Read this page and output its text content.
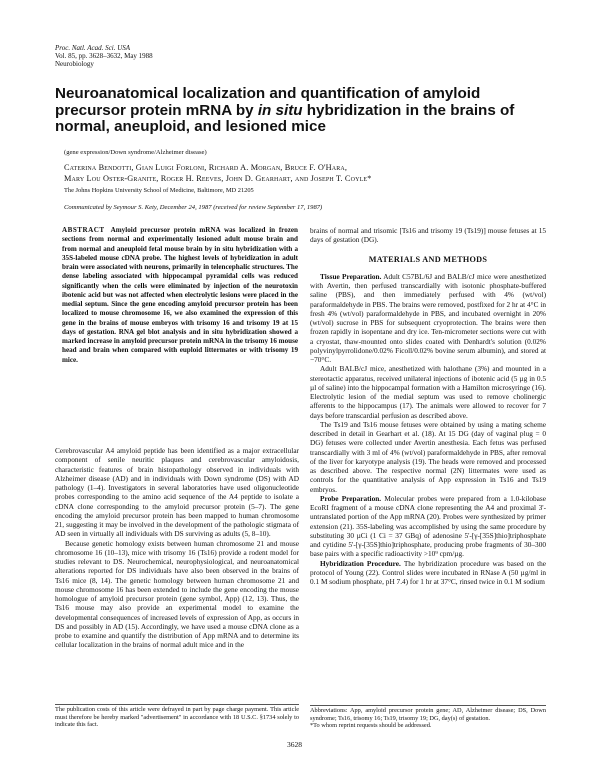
Proc. Natl. Acad. Sci. USA
Vol. 85, pp. 3628–3632, May 1988
Neurobiology
Neuroanatomical localization and quantification of amyloid precursor protein mRNA by in situ hybridization in the brains of normal, aneuploid, and lesioned mice
(gene expression/Down syndrome/Alzheimer disease)
Caterina Bendotti, Gian Luigi Forloni, Richard A. Morgan, Bruce F. O'Hara,
Mary Lou Oster-Granite, Roger H. Reeves, John D. Gearhart, and Joseph T. Coyle*
The Johns Hopkins University School of Medicine, Baltimore, MD 21205
Communicated by Seymour S. Kety, December 24, 1987 (received for review September 17, 1987)

ABSTRACT Amyloid precursor protein mRNA was localized in frozen sections from normal and experimentally lesioned adult mouse brain and from normal and aneuploid fetal mouse brain by in situ hybridization with a 35S-labeled mouse cDNA probe. The highest levels of hybridization in adult brain were associated with neurons, primarily in telencephalic structures. The dense labeling associated with hippocampal pyramidal cells was reduced significantly when the cells were eliminated by injection of the neurotoxin ibotenic acid but was not affected when electrolytic lesions were placed in the medial septum. Since the gene encoding amyloid precursor protein has been localized to mouse chromosome 16, we also examined the expression of this gene in the brains of mouse embryos with trisomy 16 and trisomy 19 at 15 days of gestation. RNA gel blot analysis and in situ hybridization showed a marked increase in amyloid precursor protein mRNA in the trisomy 16 mouse head and brain when compared with euploid littermates or with trisomy 19 mice.

Cerebrovascular A4 amyloid peptide has been identified as a major extracellular component of senile neuritic plaques and cerebrovascular amyloidosis, characteristic features of brain histopathology observed in individuals with Alzheimer disease (AD) and in individuals with Down syndrome (DS) with AD pathology (1–4). Investigators in several laboratories have used oligonucleotide probes corresponding to the amino acid sequence of the A4 peptide to isolate a cDNA clone corresponding to the amyloid precursor protein (5–7). The gene encoding the amyloid precursor protein has been mapped to human chromosome 21, suggesting it may be involved in the development of the pathologic stigmata of AD seen in virtually all individuals with DS surviving as adults (5, 8–10).

Because genetic homology exists between human chromosome 21 and mouse chromosome 16 (10–13), mice with trisomy 16 (Ts16) provide a rodent model for studies relevant to DS. Neurochemical, neurophysiological, and neuroanatomical alterations reported for DS individuals have also been observed in the brains of Ts16 mice (8, 14). The genetic homology between human chromosome 21 and mouse chromosome 16 has been extended to include the gene encoding the mouse homologue of amyloid precursor protein (gene symbol, App) (12, 13). Thus, the Ts16 mouse may also provide an experimental model to examine the developmental consequences of increased levels of expression of App, as occurs in DS and possibly in AD (15). Accordingly, we have used a mouse cDNA clone as a probe to examine and quantify the distribution of App mRNA and to determine its cellular localization in the brains of normal adult mice and in the

The publication costs of this article were defrayed in part by page charge payment. This article must therefore be hereby marked "advertisement" in accordance with 18 U.S.C. §1734 solely to indicate this fact.

brains of normal and trisomic [Ts16 and trisomy 19 (Ts19)] mouse fetuses at 15 days of gestation (DG).

MATERIALS AND METHODS

Tissue Preparation. Adult C57BL/6J and BALB/cJ mice were anesthetized with Avertin, then perfused transcardially with isotonic phosphate-buffered saline (PBS), and then immediately perfused with 4% (wt/vol) paraformaldehyde in PBS. The brains were removed, postfixed for 2 hr at 4°C in fresh 4% (wt/vol) paraformaldehyde in PBS, and incubated overnight in 20% (wt/vol) sucrose in PBS for subsequent cryoprotection. The brains were then frozen rapidly in isopentane and dry ice. Ten-micrometer sections were cut with a cryostat, thaw-mounted onto slides coated with Denhardt's solution (0.02% polyvinylpyrrolidone/0.02% Ficoll/0.02% bovine serum albumin), and stored at −70°C.

Adult BALB/cJ mice, anesthetized with halothane (3%) and mounted in a stereotactic apparatus, received unilateral injections of ibotenic acid (5 µg in 0.5 µl of saline) into the hippocampal formation with a Hamilton microsyringe (16). Electrolytic lesion of the medial septum was used to remove cholinergic afferents to the hippocampus (17). The animals were allowed to recover for 7 days before transcardial perfusion as described above.

The Ts19 and Ts16 mouse fetuses were obtained by using a mating scheme described in detail in Gearhart et al. (18). At 15 DG (day of vaginal plug = 0 DG) fetuses were collected under Avertin anesthesia. Each fetus was perfused transcardially with 3 ml of 4% (wt/vol) paraformaldehyde in PBS, after removal of the liver for karyotype analysis (19). The heads were removed and processed as described above. The respective normal (2N) littermates were used as controls for the quantitative analysis of App expression in Ts16 and Ts19 embryos.

Probe Preparation. Molecular probes were prepared from a 1.0-kilobase EcoRI fragment of a mouse cDNA clone representing the A4 and proximal 3'-untranslated portion of the App mRNA (20). Probes were synthesized by primer extension (21). 35S-labeling was accomplished by using the same procedure by substituting 30 µCi (1 Ci = 37 GBq) of adenosine 5'-[γ-[35S]thio]triphosphate and cytidine 5'-[γ-[35S]thio]triphosphate, producing probe fragments of 30–300 base pairs with a specific radioactivity >10⁹ cpm/µg.

Hybridization Procedure. The hybridization procedure was based on the protocol of Young (22). Control slides were incubated in RNase A (50 µg/ml in 0.1 M sodium phosphate, pH 7.4) for 1 hr at 37°C, rinsed twice in 0.1 M sodium

Abbreviations: App, amyloid precursor protein gene; AD, Alzheimer disease; DS, Down syndrome; Ts16, trisomy 16; Ts19, trisomy 19; DG, day(s) of gestation.
*To whom reprint requests should be addressed.
3628
